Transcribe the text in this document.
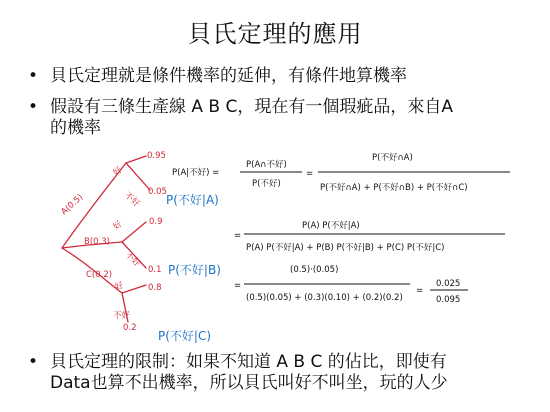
貝氏定理的應用
• 貝氏定理就是條件機率的延伸，有條件地算機率
• 假設有三條生產線 A B C，現在有一個瑕疵品，來自A
的機率
A(0.5)
B(0.3)
C(0.2)
好
0.95
不好 0.05
好	0.9
不好
0.1
好	0.8
不好
0.2
P(不好|A)
P(不好|B)
P(不好|C)
P(A|不好) =
P(A∩不好)
P(不好)
=
P(不好∩A)
P(不好∩A) + P(不好∩B) + P(不好∩C)
=
P(A) P(不好|A)
P(A) P(不好|A) + P(B) P(不好|B) + P(C) P(不好|C)
=
(0.5)·(0.05)
(0.5)(0.05) + (0.3)(0.10) + (0.2)(0.2)
=
0.025
0.095
• 貝氏定理的限制：如果不知道 A B C 的佔比，即使有
Data也算不出機率，所以貝氏叫好不叫坐，玩的人少
